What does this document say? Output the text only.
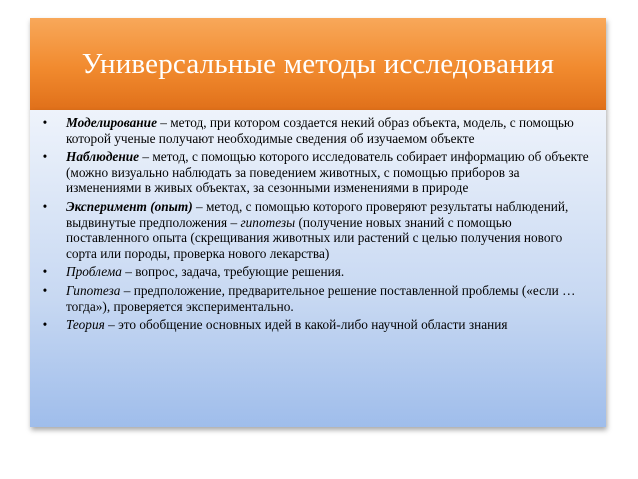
Универсальные методы исследования
•	Моделирование – метод, при котором создается некий образ объекта, модель, с помощью которой ученые получают необходимые сведения об изучаемом объекте
•	Наблюдение – метод, с помощью которого исследователь собирает информацию об объекте (можно визуально наблюдать за поведением животных, с помощью приборов за изменениями в живых объектах, за сезонными изменениями в природе
•	Эксперимент (опыт) – метод, с помощью которого проверяют результаты наблюдений, выдвинутые предположения – гипотезы (получение новых знаний с помощью поставленного опыта (скрещивания животных или растений с целью получения нового сорта или породы, проверка нового лекарства)
•	Проблема – вопрос, задача, требующие решения.
•	Гипотеза – предположение, предварительное решение поставленной проблемы («если … тогда»), проверяется экспериментально.
•	Теория – это обобщение основных идей в какой-либо научной области знания
